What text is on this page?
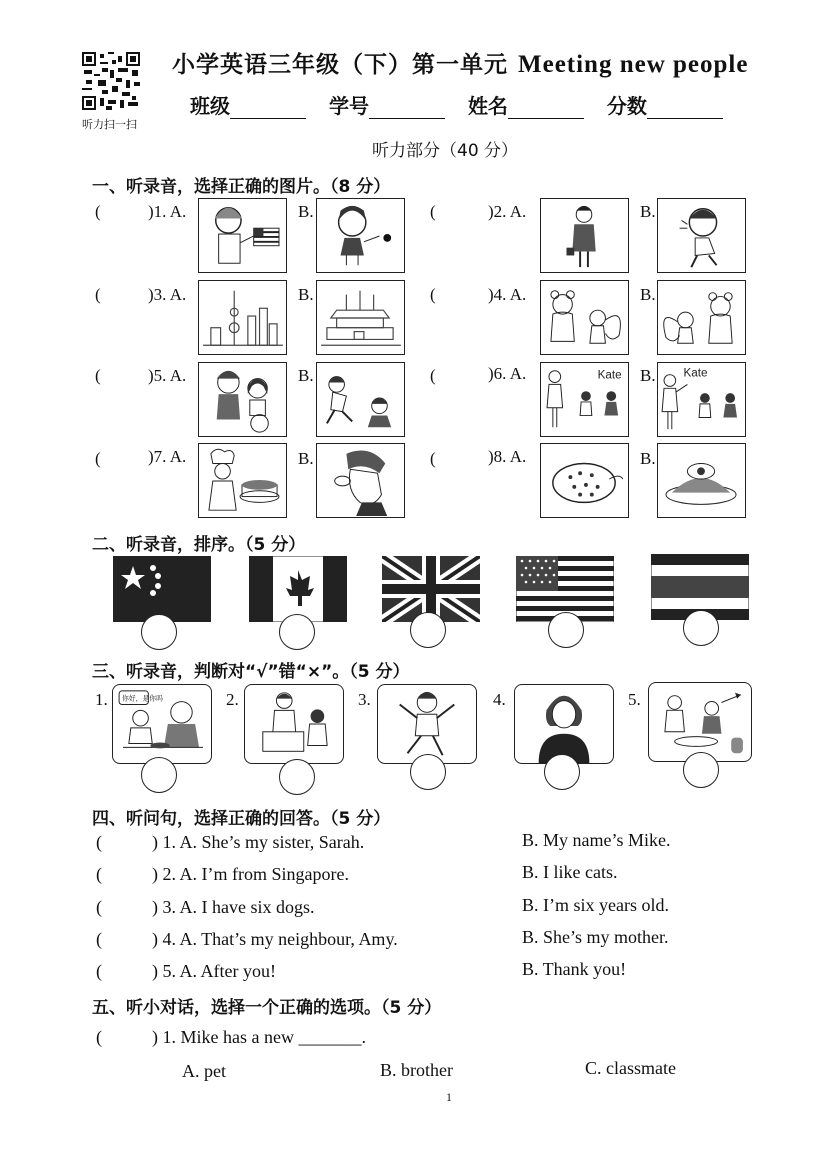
听力扫一扫
小学英语三年级（下）第一单元 Meeting new people
班级	学号	姓名	分数
听力部分（40 分）
一、听录音，选择正确的图片。（8 分）
(	)1. A.	B.	(	)2. A.	B.
(	)3. A.	B.	(	)4. A.	B.
(	)5. A.	B.	(	)6. A.	Kate B. Kate
(	)7. A.	B.	(	)8. A.	B.
二、听录音，排序。（5 分）
三、听录音，判断对“√”错“×”。（5 分）
1. 你好，是你吗	2.	3.	4.	5.
四、听问句，选择正确的回答。（5 分）
(	) 1. A. She’s my sister, Sarah.	B. My name’s Mike.
(	) 2. A. I’m from Singapore.	B. I like cats.
(	) 3. A. I have six dogs.	B. I’m six years old.
(	) 4. A. That’s my neighbour, Amy.	B. She’s my mother.
(	) 5. A. After you!	B. Thank you!
五、听小对话，选择一个正确的选项。（5 分）
(	) 1. Mike has a new _______.
A. pet	B. brother	C. classmate
1
